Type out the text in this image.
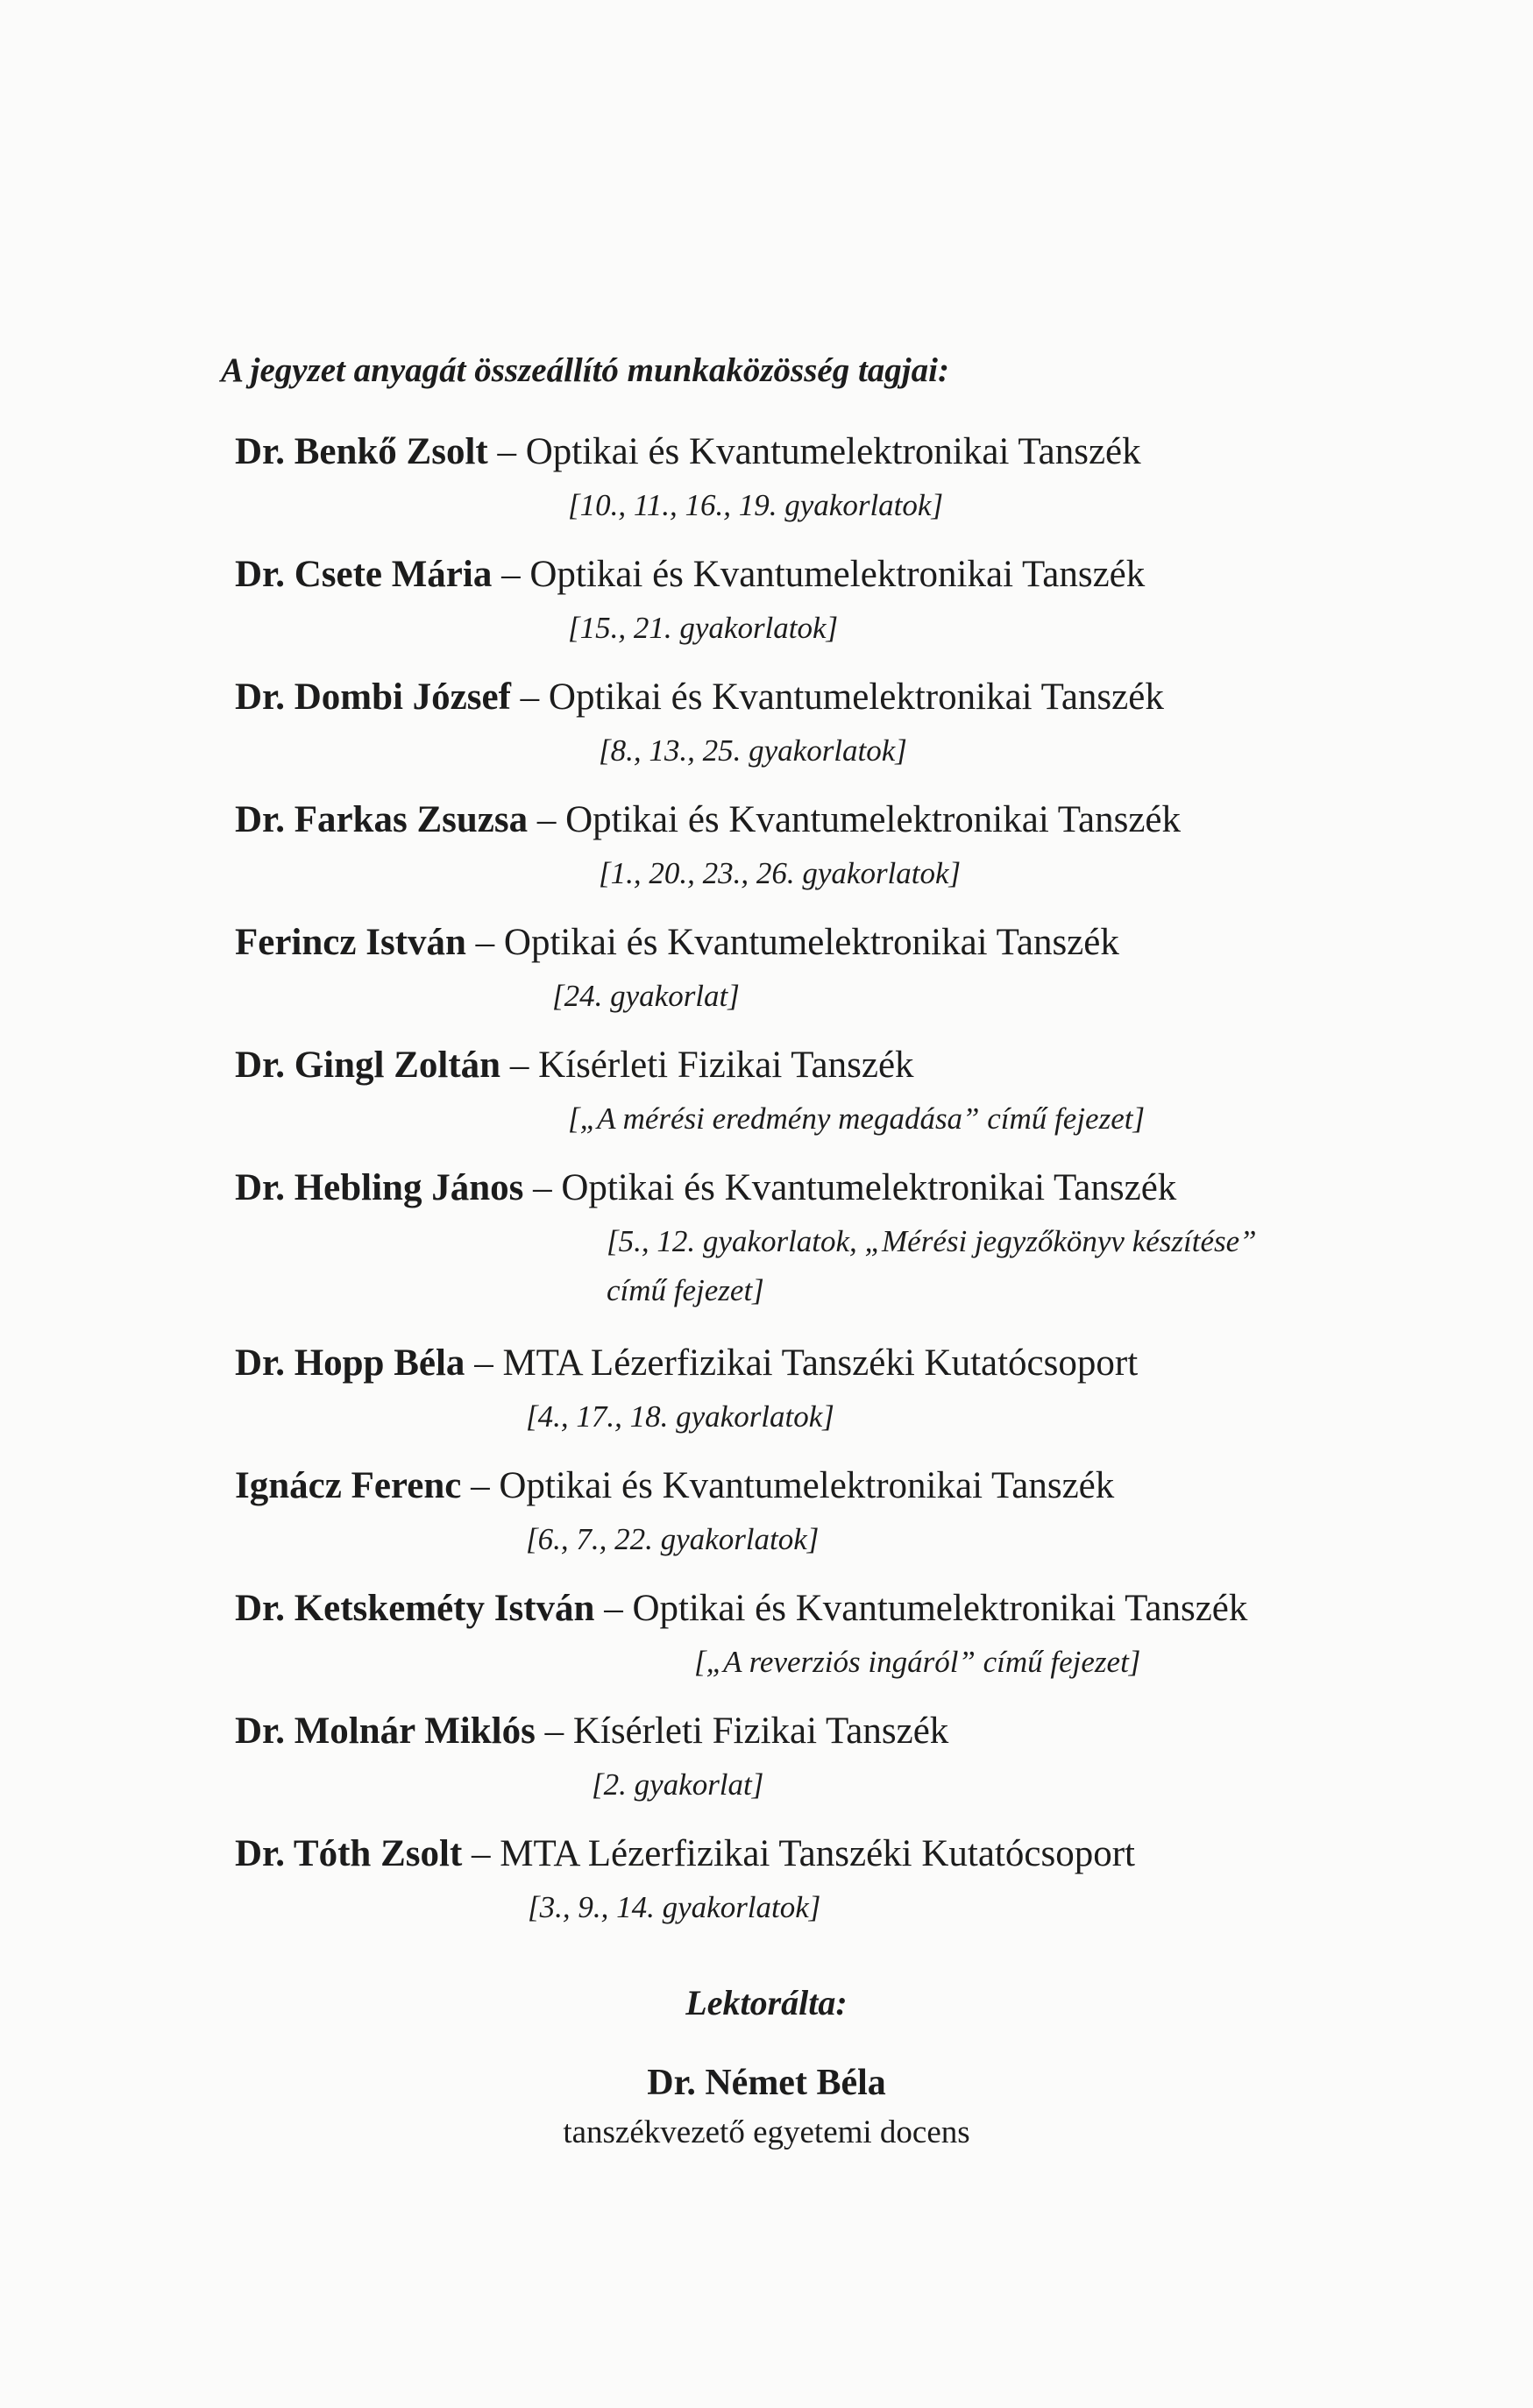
A jegyzet anyagát összeállító munkaközösség tagjai:
Dr. Benkő Zsolt – Optikai és Kvantumelektronikai Tanszék
[10., 11., 16., 19. gyakorlatok]
Dr. Csete Mária – Optikai és Kvantumelektronikai Tanszék
[15., 21. gyakorlatok]
Dr. Dombi József – Optikai és Kvantumelektronikai Tanszék
[8., 13., 25. gyakorlatok]
Dr. Farkas Zsuzsa – Optikai és Kvantumelektronikai Tanszék
[1., 20., 23., 26. gyakorlatok]
Ferincz István – Optikai és Kvantumelektronikai Tanszék
[24. gyakorlat]
Dr. Gingl Zoltán – Kísérleti Fizikai Tanszék
[„A mérési eredmény megadása” című fejezet]
Dr. Hebling János – Optikai és Kvantumelektronikai Tanszék
[5., 12. gyakorlatok, „Mérési jegyzőkönyv készítése”
című fejezet]
Dr. Hopp Béla – MTA Lézerfizikai Tanszéki Kutatócsoport
[4., 17., 18. gyakorlatok]
Ignácz Ferenc – Optikai és Kvantumelektronikai Tanszék
[6., 7., 22. gyakorlatok]
Dr. Ketskeméty István – Optikai és Kvantumelektronikai Tanszék
[„A reverziós ingáról” című fejezet]
Dr. Molnár Miklós – Kísérleti Fizikai Tanszék
[2. gyakorlat]
Dr. Tóth Zsolt – MTA Lézerfizikai Tanszéki Kutatócsoport
[3., 9., 14. gyakorlatok]
Lektorálta:
Dr. Német Béla
tanszékvezető egyetemi docens
